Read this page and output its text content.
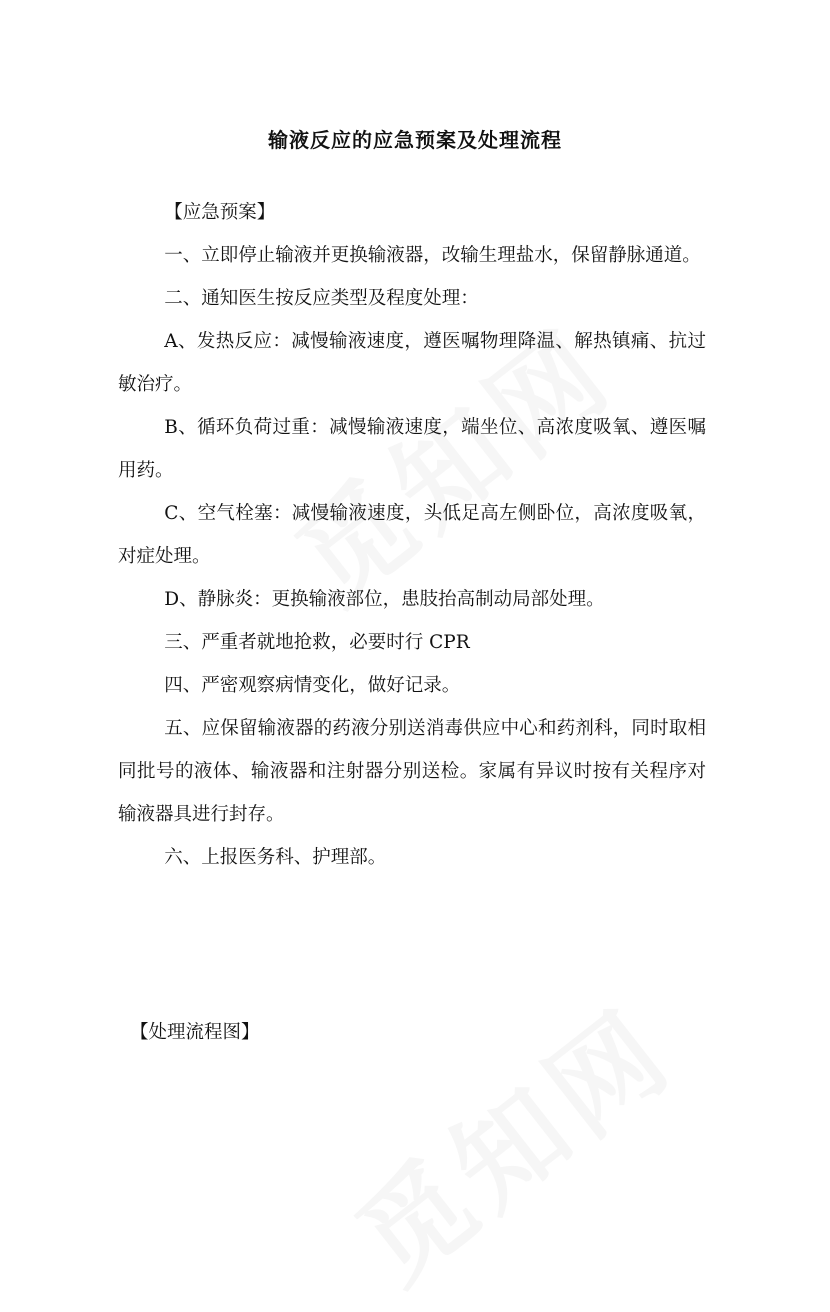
输液反应的应急预案及处理流程

【应急预案】

一、立即停止输液并更换输液器，改输生理盐水，保留静脉通道。

二、通知医生按反应类型及程度处理：

A、发热反应：减慢输液速度，遵医嘱物理降温、解热镇痛、抗过敏治疗。

B、循环负荷过重：减慢输液速度，端坐位、高浓度吸氧、遵医嘱用药。

C、空气栓塞：减慢输液速度，头低足高左侧卧位，高浓度吸氧，对症处理。

D、静脉炎：更换输液部位，患肢抬高制动局部处理。

三、严重者就地抢救，必要时行 CPR

四、严密观察病情变化，做好记录。

五、应保留输液器的药液分别送消毒供应中心和药剂科，同时取相同批号的液体、输液器和注射器分别送检。家属有异议时按有关程序对输液器具进行封存。

六、上报医务科、护理部。

【处理流程图】
